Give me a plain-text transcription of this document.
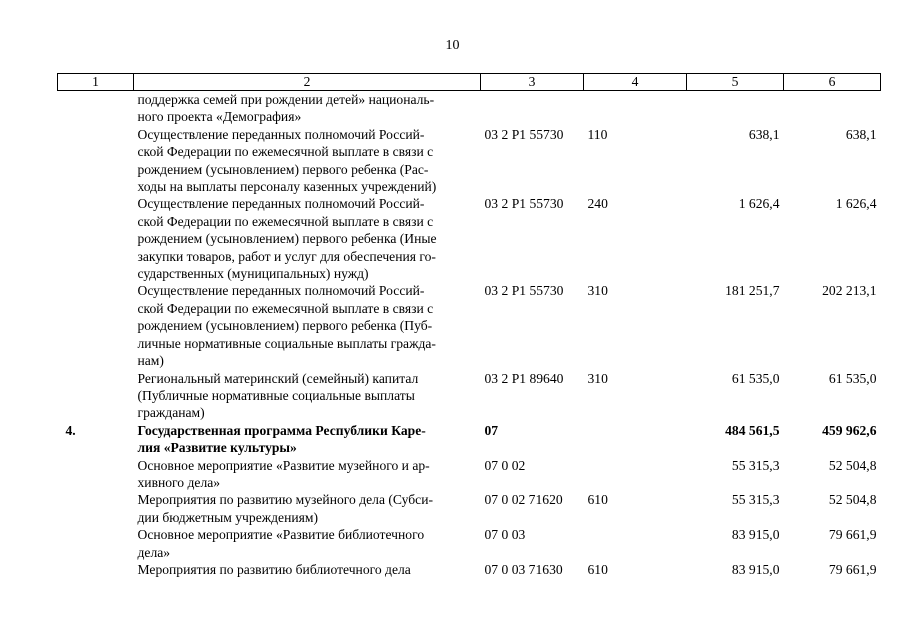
10
1	2	3	4	5	6

	поддержка семей при рождении детей» националь-
ного проекта «Демография»				

	Осуществление переданных полномочий Россий-
ской Федерации по ежемесячной выплате в связи с
рождением (усыновлением) первого ребенка (Рас-
ходы на выплаты персоналу казенных учреждений)	03 2 P1 55730	110	638,1	638,1

	Осуществление переданных полномочий Россий-
ской Федерации по ежемесячной выплате в связи с
рождением (усыновлением) первого ребенка (Иные
закупки товаров, работ и услуг для обеспечения го-
сударственных (муниципальных) нужд)	03 2 P1 55730	240	1 626,4	1 626,4

	Осуществление переданных полномочий Россий-
ской Федерации по ежемесячной выплате в связи с
рождением (усыновлением) первого ребенка (Пуб-
личные нормативные социальные выплаты гражда-
нам)	03 2 P1 55730	310	181 251,7	202 213,1

	Региональный материнский (семейный) капитал
(Публичные нормативные социальные выплаты
гражданам)	03 2 P1 89640	310	61 535,0	61 535,0
4.	Государственная программа Республики Каре-
лия «Развитие культуры»	07		484 561,5	459 962,6

	Основное мероприятие «Развитие музейного и ар-
хивного дела»	07 0 02		55 315,3	52 504,8

	Мероприятия по развитию музейного дела (Субси-
дии бюджетным учреждениям)	07 0 02 71620	610	55 315,3	52 504,8

	Основное мероприятие «Развитие библиотечного
дела»	07 0 03		83 915,0	79 661,9

	Мероприятия по развитию библиотечного дела	07 0 03 71630	610	83 915,0	79 661,9
